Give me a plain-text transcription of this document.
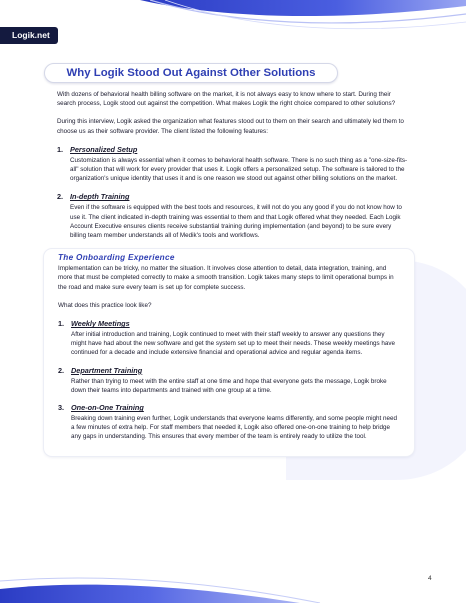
Logik.net
Why Logik Stood Out Against Other Solutions

With dozens of behavioral health billing software on the market, it is not always easy to know where to start. During their search process, Logik stood out against the competition. What makes Logik the right choice compared to other solutions?

During this interview, Logik asked the organization what features stood out to them on their search and ultimately led them to choose us as their software provider. The client listed the following features:

1. Personalized Setup
Customization is always essential when it comes to behavioral health software. There is no such thing as a "one-size-fits-all" solution that will work for every provider that uses it. Logik offers a personalized setup. The software is tailored to the organization's unique identity that uses it and is one reason we stood out against other billing solutions on the market.
2. In-depth Training
Even if the software is equipped with the best tools and resources, it will not do you any good if you do not know how to use it. The client indicated in-depth training was essential to them and that Logik offered what they needed. Each Logik Account Executive ensures clients receive substantial training during implementation (and beyond) to be sure every billing team member understands all of Medik's tools and workflows.
The Onboarding Experience

Implementation can be tricky, no matter the situation. It involves close attention to detail, data integration, training, and more that must be completed correctly to make a smooth transition. Logik takes many steps to limit operational bumps in the road and make sure every team is set up for complete success.

What does this practice look like?

1. Weekly Meetings
After initial introduction and training, Logik continued to meet with their staff weekly to answer any questions they might have had about the new software and get the system set up to meet their needs. These weekly meetings have continued for a decade and include extensive financial and operational advice and regular agenda items.
2. Department Training
Rather than trying to meet with the entire staff at one time and hope that everyone gets the message, Logik broke down their teams into departments and trained with one group at a time.
3. One-on-One Training
Breaking down training even further, Logik understands that everyone learns differently, and some people might need a few minutes of extra help. For staff members that needed it, Logik also offered one-on-one training to help bridge any gaps in understanding. This ensures that every member of the team is entirely ready to utilize the tool.
4
